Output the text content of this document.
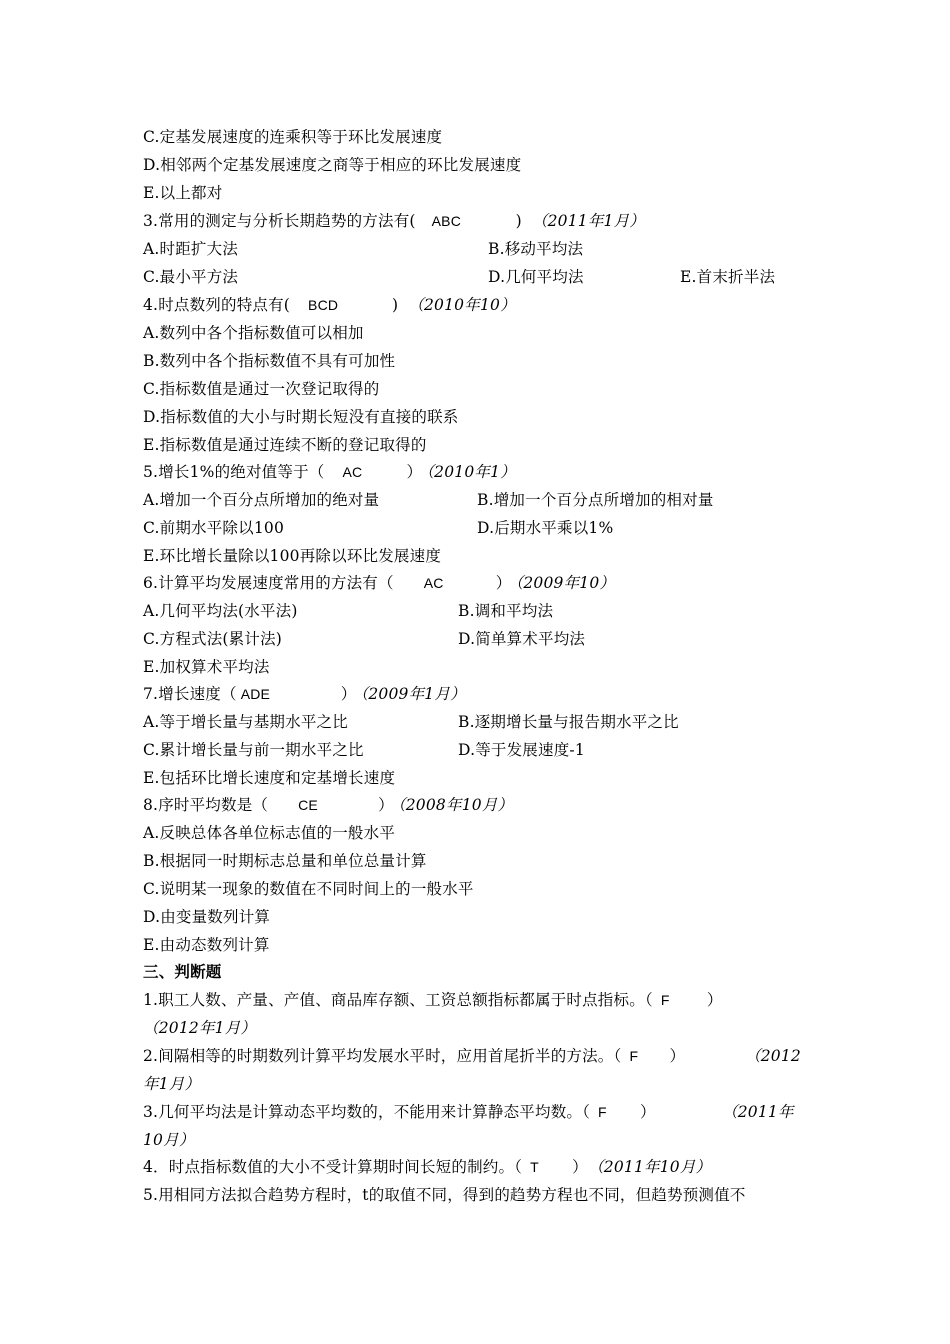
C.定基发展速度的连乘积等于环比发展速度
D.相邻两个定基发展速度之商等于相应的环比发展速度
E.以上都对
3.常用的测定与分析长期趋势的方法有( ABC	) （2011年1月）
A.时距扩大法	B.移动平均法
C.最小平方法	D.几何平均法	E.首末折半法
4.时点数列的特点有( BCD	) （2010年10）
A.数列中各个指标数值可以相加
B.数列中各个指标数值不具有可加性
C.指标数值是通过一次登记取得的
D.指标数值的大小与时期长短没有直接的联系
E.指标数值是通过连续不断的登记取得的
5.增长1%的绝对值等于（ AC	） （2010年1）
A.增加一个百分点所增加的绝对量	B.增加一个百分点所增加的相对量
C.前期水平除以100	D.后期水平乘以1%
E.环比增长量除以100再除以环比发展速度
6.计算平均发展速度常用的方法有（ AC	） （2009年10）
A.几何平均法(水平法)	B.调和平均法
C.方程式法(累计法)	D.简单算术平均法
E.加权算术平均法
7.增长速度（ ADE	） （2009年1月）
A.等于增长量与基期水平之比	B.逐期增长量与报告期水平之比
C.累计增长量与前一期水平之比	D.等于发展速度-1
E.包括环比增长速度和定基增长速度
8.序时平均数是（ CE	） （2008年10月）
A.反映总体各单位标志值的一般水平
B.根据同一时期标志总量和单位总量计算
C.说明某一现象的数值在不同时间上的一般水平
D.由变量数列计算
E.由动态数列计算
三、判断题
1.职工人数、产量、产值、商品库存额、工资总额指标都属于时点指标。（ F ）
（2012年1月）
2.间隔相等的时期数列计算平均发展水平时，应用首尾折半的方法。（ F ）	（2012年1月）
3.几何平均法是计算动态平均数的，不能用来计算静态平均数。（ F ）	（2011年10月）
4．时点指标数值的大小不受计算期时间长短的制约。（ T ） （2011年10月）
5.用相同方法拟合趋势方程时，t的取值不同，得到的趋势方程也不同，但趋势预测值不
